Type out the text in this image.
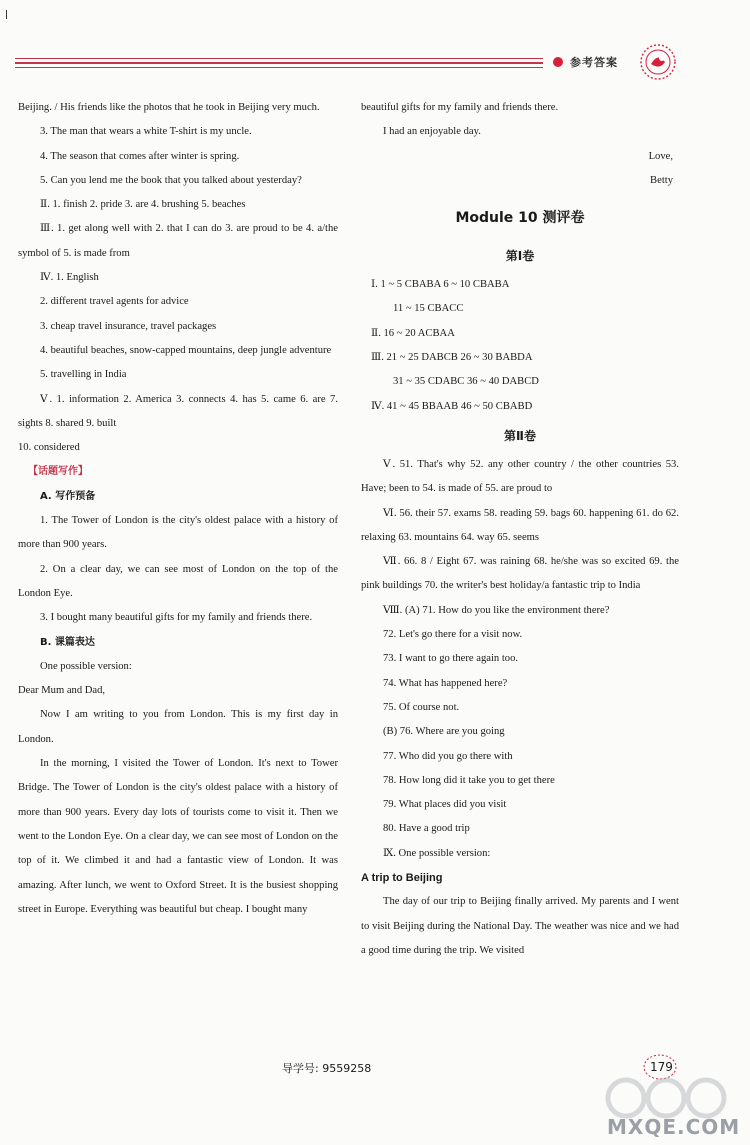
参考答案

Beijing. / His friends like the photos that he took in Beijing very much.

3. The man that wears a white T-shirt is my uncle.

4. The season that comes after winter is spring.

5. Can you lend me the book that you talked about yesterday?

Ⅱ. 1. finish 2. pride 3. are 4. brushing 5. beaches

Ⅲ. 1. get along well with 2. that I can do 3. are proud to be 4. a/the symbol of 5. is made from

Ⅳ. 1. English

2. different travel agents for advice

3. cheap travel insurance, travel packages

4. beautiful beaches, snow-capped mountains, deep jungle adventure

5. travelling in India

Ⅴ. 1. information 2. America 3. connects 4. has 5. came 6. are 7. sights 8. shared 9. built

10. considered

【话题写作】

A. 写作预备

1. The Tower of London is the city's oldest palace with a history of more than 900 years.

2. On a clear day, we can see most of London on the top of the London Eye.

3. I bought many beautiful gifts for my family and friends there.

B. 课篇表达

One possible version:

Dear Mum and Dad,

Now I am writing to you from London. This is my first day in London.

In the morning, I visited the Tower of London. It's next to Tower Bridge. The Tower of London is the city's oldest palace with a history of more than 900 years. Every day lots of tourists come to visit it. Then we went to the London Eye. On a clear day, we can see most of London on the top of it. We climbed it and had a fantastic view of London. It was amazing. After lunch, we went to Oxford Street. It is the busiest shopping street in Europe. Everything was beautiful but cheap. I bought many

beautiful gifts for my family and friends there.

I had an enjoyable day.

Love,

Betty

Module 10 测评卷
第Ⅰ卷

Ⅰ. 1 ~ 5 CBABA 6 ~ 10 CBABA

11 ~ 15 CBACC

Ⅱ. 16 ~ 20 ACBAA

Ⅲ. 21 ~ 25 DABCB 26 ~ 30 BABDA

31 ~ 35 CDABC 36 ~ 40 DABCD

Ⅳ. 41 ~ 45 BBAAB 46 ~ 50 CBABD

第Ⅱ卷

Ⅴ. 51. That's why 52. any other country / the other countries 53. Have; been to 54. is made of 55. are proud to

Ⅵ. 56. their 57. exams 58. reading 59. bags 60. happening 61. do 62. relaxing 63. mountains 64. way 65. seems

Ⅶ. 66. 8 / Eight 67. was raining 68. he/she was so excited 69. the pink buildings 70. the writer's best holiday/a fantastic trip to India

Ⅷ. (A) 71. How do you like the environment there?

72. Let's go there for a visit now.

73. I want to go there again too.

74. What has happened here?

75. Of course not.

(B) 76. Where are you going

77. Who did you go there with

78. How long did it take you to get there

79. What places did you visit

80. Have a good trip

Ⅸ. One possible version:

A trip to Beijing

The day of our trip to Beijing finally arrived. My parents and I went to visit Beijing during the National Day. The weather was nice and we had a good time during the trip. We visited

导学号: 9559258	179
MXQE.COM
